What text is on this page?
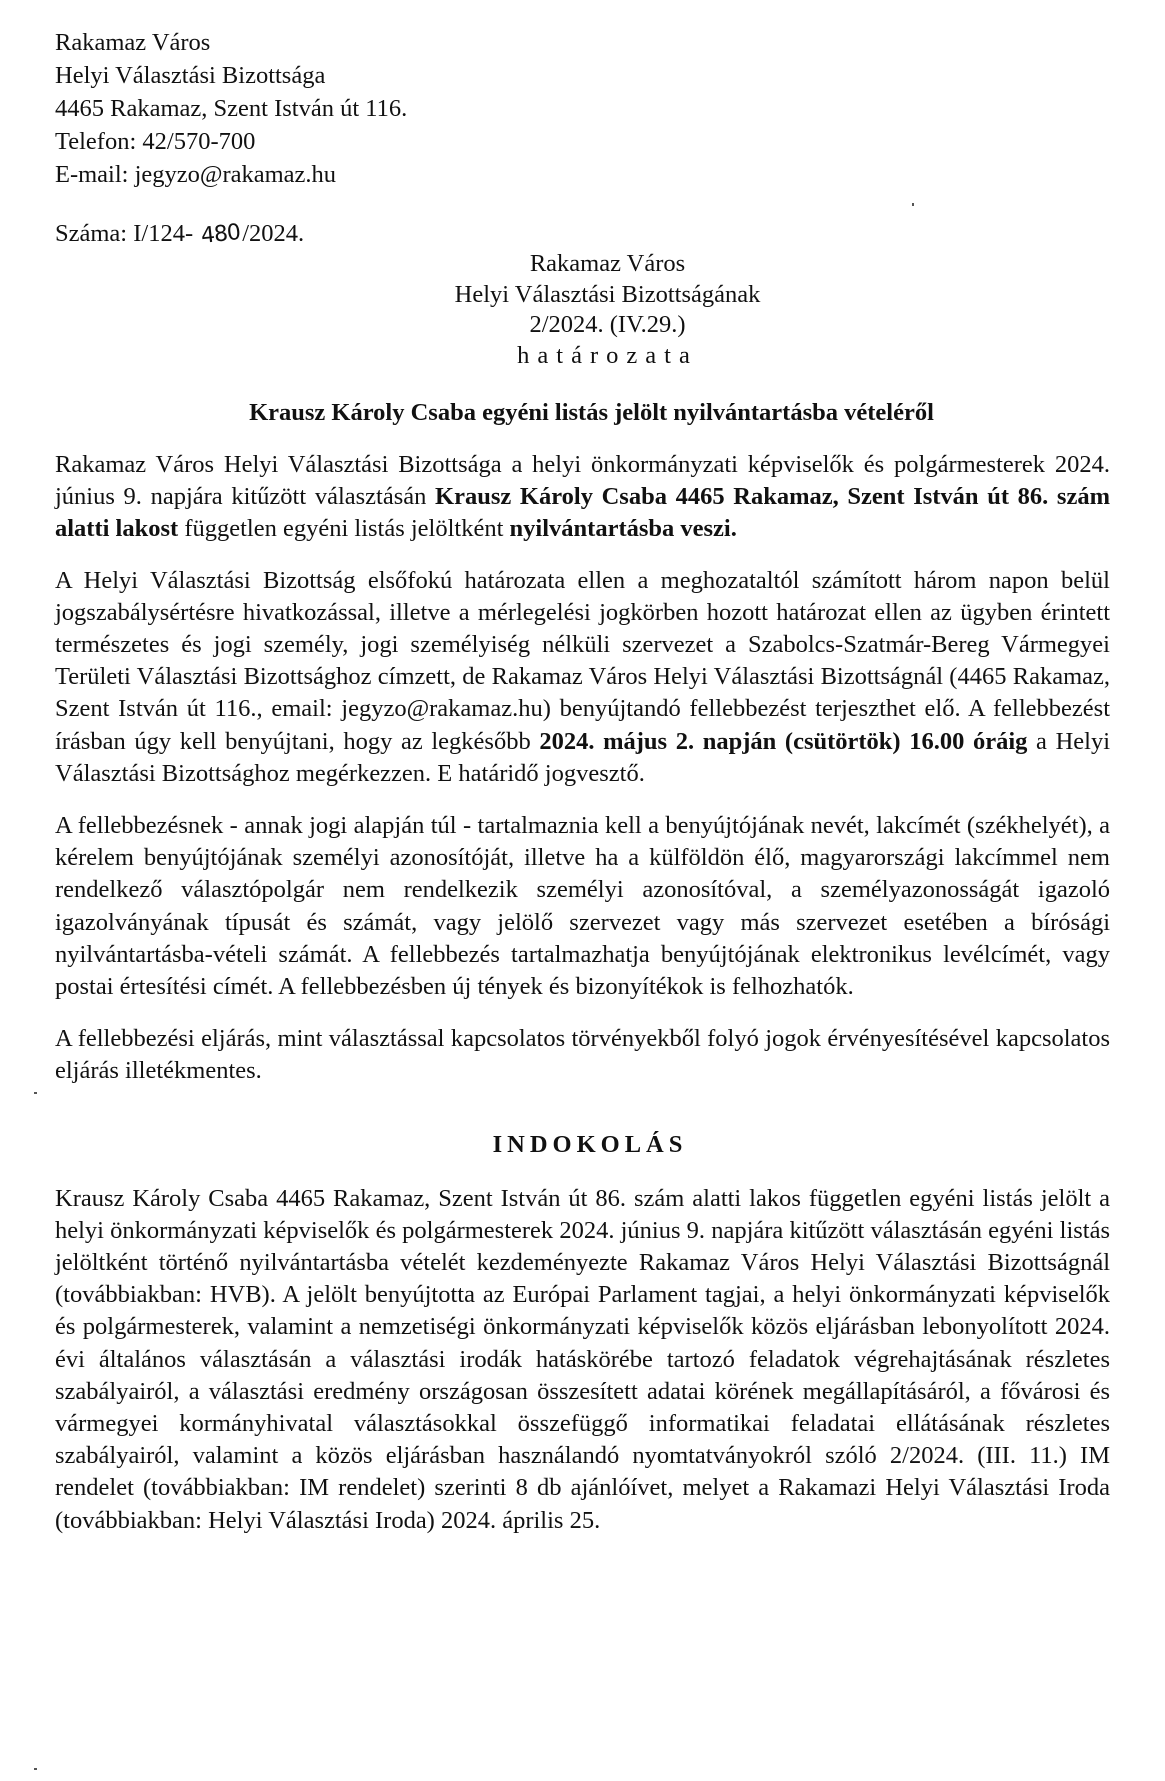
Rakamaz Város
Helyi Választási Bizottsága
4465 Rakamaz, Szent István út 116.
Telefon: 42/570-700
E-mail: jegyzo@rakamaz.hu
Száma: I/124- 480/2024.
Rakamaz Város
Helyi Választási Bizottságának
2/2024. (IV.29.)
határozata
Krausz Károly Csaba egyéni listás jelölt nyilvántartásba vételéről

Rakamaz Város Helyi Választási Bizottsága a helyi önkormányzati képviselők és polgármesterek 2024. június 9. napjára kitűzött választásán Krausz Károly Csaba 4465 Rakamaz, Szent István út 86. szám alatti lakost független egyéni listás jelöltként nyilvántartásba veszi.

A Helyi Választási Bizottság elsőfokú határozata ellen a meghozataltól számított három napon belül jogszabálysértésre hivatkozással, illetve a mérlegelési jogkörben hozott határozat ellen az ügyben érintett természetes és jogi személy, jogi személyiség nélküli szervezet a Szabolcs-Szatmár-Bereg Vármegyei Területi Választási Bizottsághoz címzett, de Rakamaz Város Helyi Választási Bizottságnál (4465 Rakamaz, Szent István út 116., email: jegyzo@rakamaz.hu) benyújtandó fellebbezést terjeszthet elő. A fellebbezést írásban úgy kell benyújtani, hogy az legkésőbb 2024. május 2. napján (csütörtök) 16.00 óráig a Helyi Választási Bizottsághoz megérkezzen. E határidő jogvesztő.

A fellebbezésnek - annak jogi alapján túl - tartalmaznia kell a benyújtójának nevét, lakcímét (székhelyét), a kérelem benyújtójának személyi azonosítóját, illetve ha a külföldön élő, magyarországi lakcímmel nem rendelkező választópolgár nem rendelkezik személyi azonosítóval, a személyazonosságát igazoló igazolványának típusát és számát, vagy jelölő szervezet vagy más szervezet esetében a bírósági nyilvántartásba-vételi számát. A fellebbezés tartalmazhatja benyújtójának elektronikus levélcímét, vagy postai értesítési címét. A fellebbezésben új tények és bizonyítékok is felhozhatók.

A fellebbezési eljárás, mint választással kapcsolatos törvényekből folyó jogok érvényesítésével kapcsolatos eljárás illetékmentes.

INDOKOLÁS

Krausz Károly Csaba 4465 Rakamaz, Szent István út 86. szám alatti lakos független egyéni listás jelölt a helyi önkormányzati képviselők és polgármesterek 2024. június 9. napjára kitűzött választásán egyéni listás jelöltként történő nyilvántartásba vételét kezdeményezte Rakamaz Város Helyi Választási Bizottságnál (továbbiakban: HVB). A jelölt benyújtotta az Európai Parlament tagjai, a helyi önkormányzati képviselők és polgármesterek, valamint a nemzetiségi önkormányzati képviselők közös eljárásban lebonyolított 2024. évi általános választásán a választási irodák hatáskörébe tartozó feladatok végrehajtásának részletes szabályairól, a választási eredmény országosan összesített adatai körének megállapításáról, a fővárosi és vármegyei kormányhivatal választásokkal összefüggő informatikai feladatai ellátásának részletes szabályairól, valamint a közös eljárásban használandó nyomtatványokról szóló 2/2024. (III. 11.) IM rendelet (továbbiakban: IM rendelet) szerinti 8 db ajánlóívet, melyet a Rakamazi Helyi Választási Iroda (továbbiakban: Helyi Választási Iroda) 2024. április 25.
